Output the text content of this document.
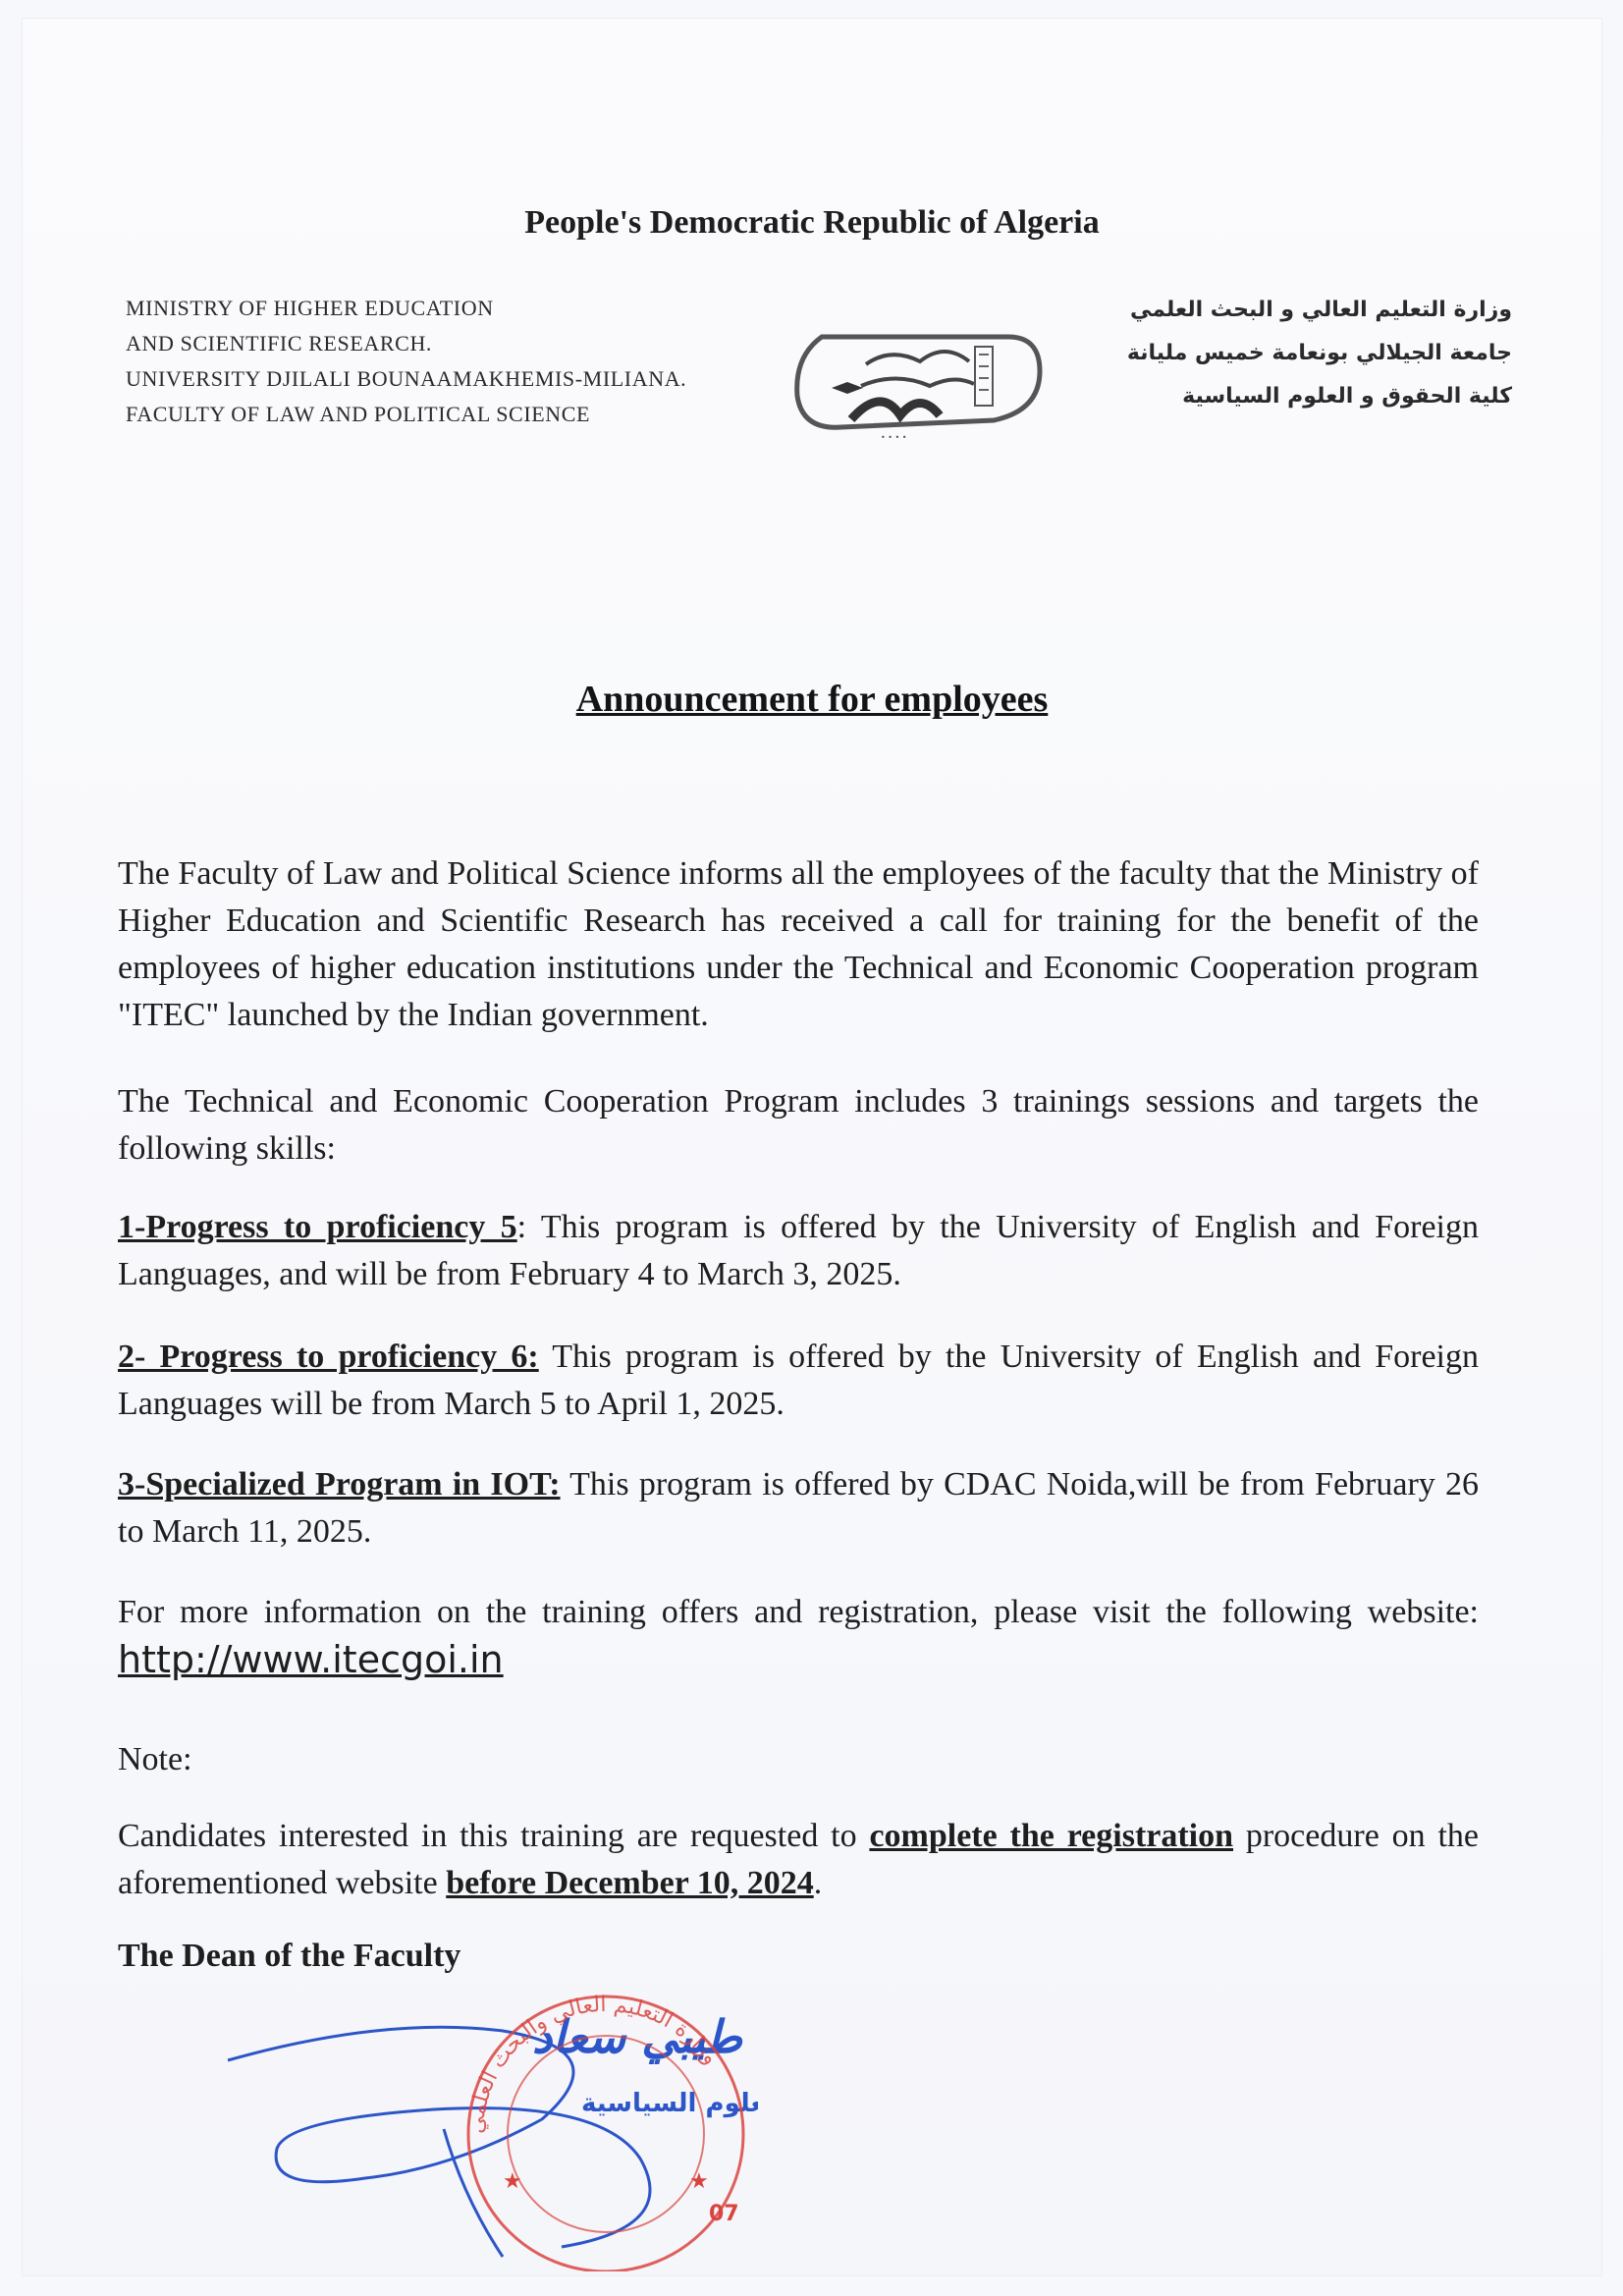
People's Democratic Republic of Algeria
MINISTRY OF HIGHER EDUCATION
AND SCIENTIFIC RESEARCH.
UNIVERSITY DJILALI BOUNAAMAKHEMIS-MILIANA.
FACULTY OF LAW AND POLITICAL SCIENCE
• • • •
وزارة التعليم العالي و البحث العلمي
جامعة الجيلالي بونعامة خميس مليانة
كلية الحقوق و العلوم السياسية
Announcement for employees

The Faculty of Law and Political Science informs all the employees of the faculty that the Ministry of Higher Education and Scientific Research has received a call for training for the benefit of the employees of higher education institutions under the Technical and Economic Cooperation program "ITEC" launched by the Indian government.

The Technical and Economic Cooperation Program includes 3 trainings sessions and targets the following skills:

1-Progress to proficiency 5: This program is offered by the University of English and Foreign Languages, and will be from February 4 to March 3, 2025.

2- Progress to proficiency 6: This program is offered by the University of English and Foreign Languages will be from March 5 to April 1, 2025.

3-Specialized Program in IOT: This program is offered by CDAC Noida,will be from February 26 to March 11, 2025.

For more information on the training offers and registration, please visit the following website: http://www.itecgoi.in

Note:

Candidates interested in this training are requested to complete the registration procedure on the aforementioned website before December 10, 2024.

The Dean of the Faculty

طيبي سعاد
لوم السياسية
وزارة التعليم العالي والبحث العلمي
07
★	★
